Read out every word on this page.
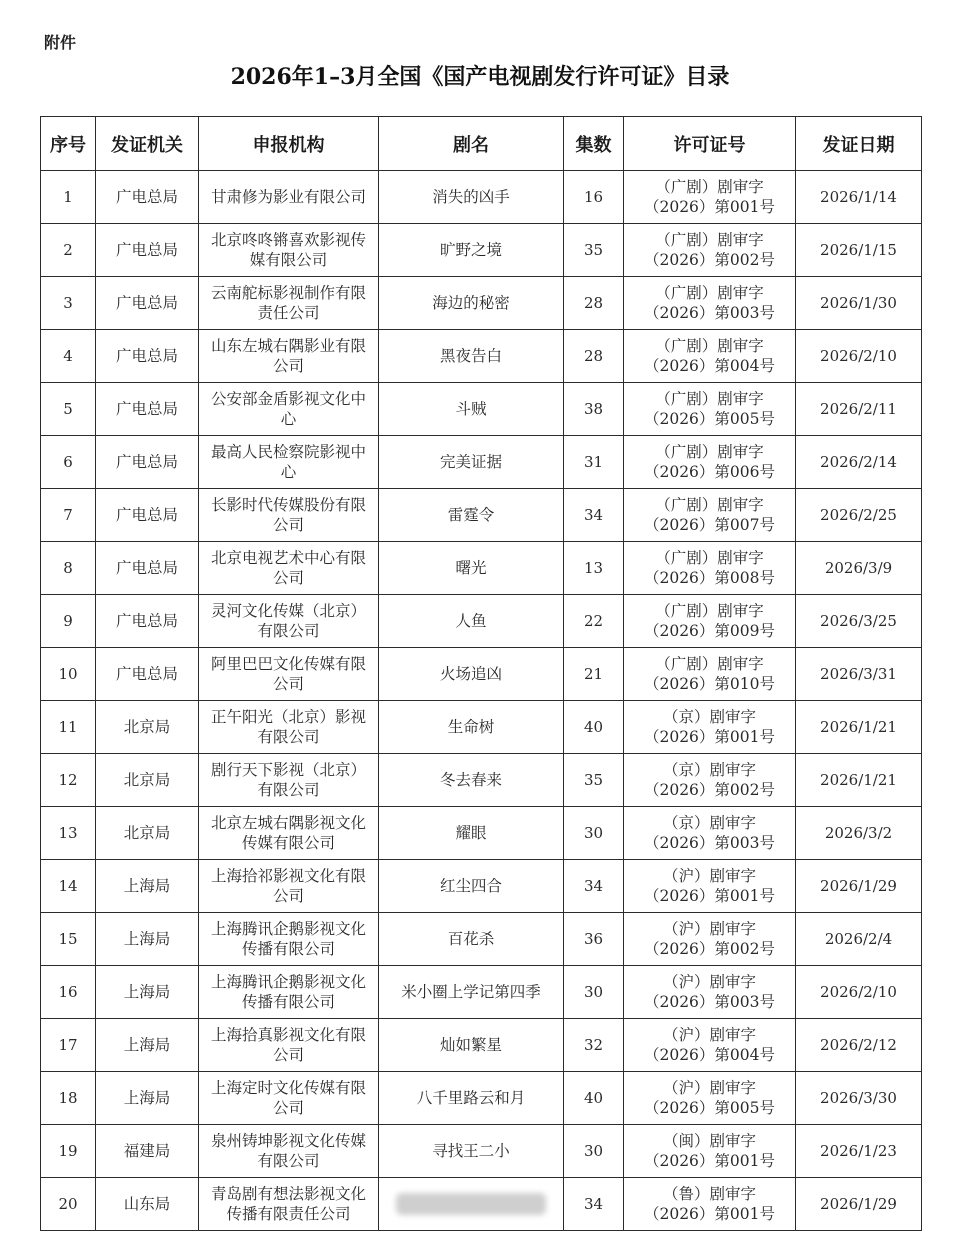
附件
2026年1–3月全国《国产电视剧发行许可证》目录
序号	发证机关	申报机构	剧名	集数	许可证号	发证日期
1	广电总局	甘肃修为影业有限公司	消失的凶手	16	（广剧）剧审字
（2026）第001号	2026/1/14
2	广电总局	北京咚咚锵喜欢影视传媒有限公司	旷野之境	35	（广剧）剧审字
（2026）第002号	2026/1/15
3	广电总局	云南舵标影视制作有限责任公司	海边的秘密	28	（广剧）剧审字
（2026）第003号	2026/1/30
4	广电总局	山东左城右隅影业有限公司	黑夜告白	28	（广剧）剧审字
（2026）第004号	2026/2/10
5	广电总局	公安部金盾影视文化中心	斗贼	38	（广剧）剧审字
（2026）第005号	2026/2/11
6	广电总局	最高人民检察院影视中心	完美证据	31	（广剧）剧审字
（2026）第006号	2026/2/14
7	广电总局	长影时代传媒股份有限公司	雷霆令	34	（广剧）剧审字
（2026）第007号	2026/2/25
8	广电总局	北京电视艺术中心有限公司	曙光	13	（广剧）剧审字
（2026）第008号	2026/3/9
9	广电总局	灵河文化传媒（北京）有限公司	人鱼	22	（广剧）剧审字
（2026）第009号	2026/3/25
10	广电总局	阿里巴巴文化传媒有限公司	火场追凶	21	（广剧）剧审字
（2026）第010号	2026/3/31
11	北京局	正午阳光（北京）影视有限公司	生命树	40	（京）剧审字
（2026）第001号	2026/1/21
12	北京局	剧行天下影视（北京）有限公司	冬去春来	35	（京）剧审字
（2026）第002号	2026/1/21
13	北京局	北京左城右隅影视文化传媒有限公司	耀眼	30	（京）剧审字
（2026）第003号	2026/3/2
14	上海局	上海拾祁影视文化有限公司	红尘四合	34	（沪）剧审字
（2026）第001号	2026/1/29
15	上海局	上海腾讯企鹅影视文化传播有限公司	百花杀	36	（沪）剧审字
（2026）第002号	2026/2/4
16	上海局	上海腾讯企鹅影视文化传播有限公司	米小圈上学记第四季	30	（沪）剧审字
（2026）第003号	2026/2/10
17	上海局	上海拾真影视文化有限公司	灿如繁星	32	（沪）剧审字
（2026）第004号	2026/2/12
18	上海局	上海定时文化传媒有限公司	八千里路云和月	40	（沪）剧审字
（2026）第005号	2026/3/30
19	福建局	泉州铸坤影视文化传媒有限公司	寻找王二小	30	（闽）剧审字
（2026）第001号	2026/1/23
20	山东局	青岛剧有想法影视文化传播有限责任公司		34	（鲁）剧审字
（2026）第001号	2026/1/29
